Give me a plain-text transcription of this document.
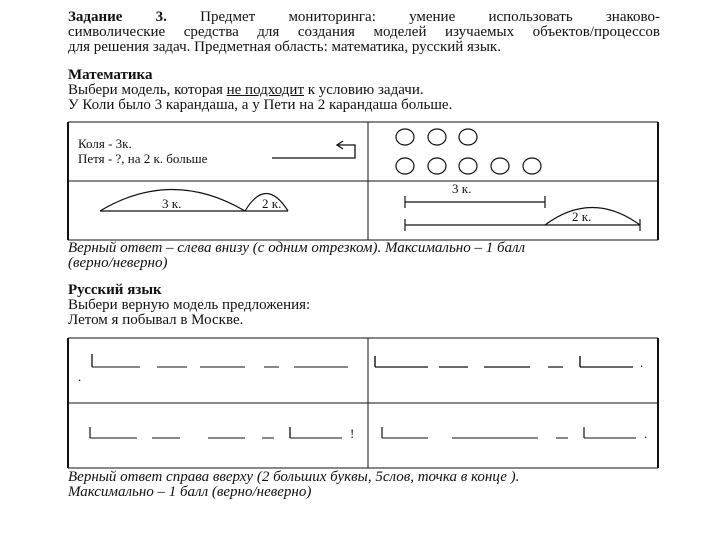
Задание 3. Предмет мониторинга: умение использовать знаково-
символические средства для создания моделей изучаемых объектов/процессов
для решения задач. Предметная область: математика, русский язык.
Математика
Выбери модель, которая не подходит к условию задачи.
У Коли было 3 карандаша, а у Пети на 2 карандаша больше.
Коля - 3к.
Петя - ?, на 2 к. больше
3 к.	2 к.
3 к.
2 к.
Верный ответ – слева внизу (с одним отрезком). Максимально – 1 балл
(верно/неверно)
Русский язык
Выбери верную модель предложения:
Летом я побывал в Москве.
.
.
!	.
Верный ответ справа вверху (2 больших буквы, 5слов, точка в конце ).
Максимально – 1 балл (верно/неверно)
